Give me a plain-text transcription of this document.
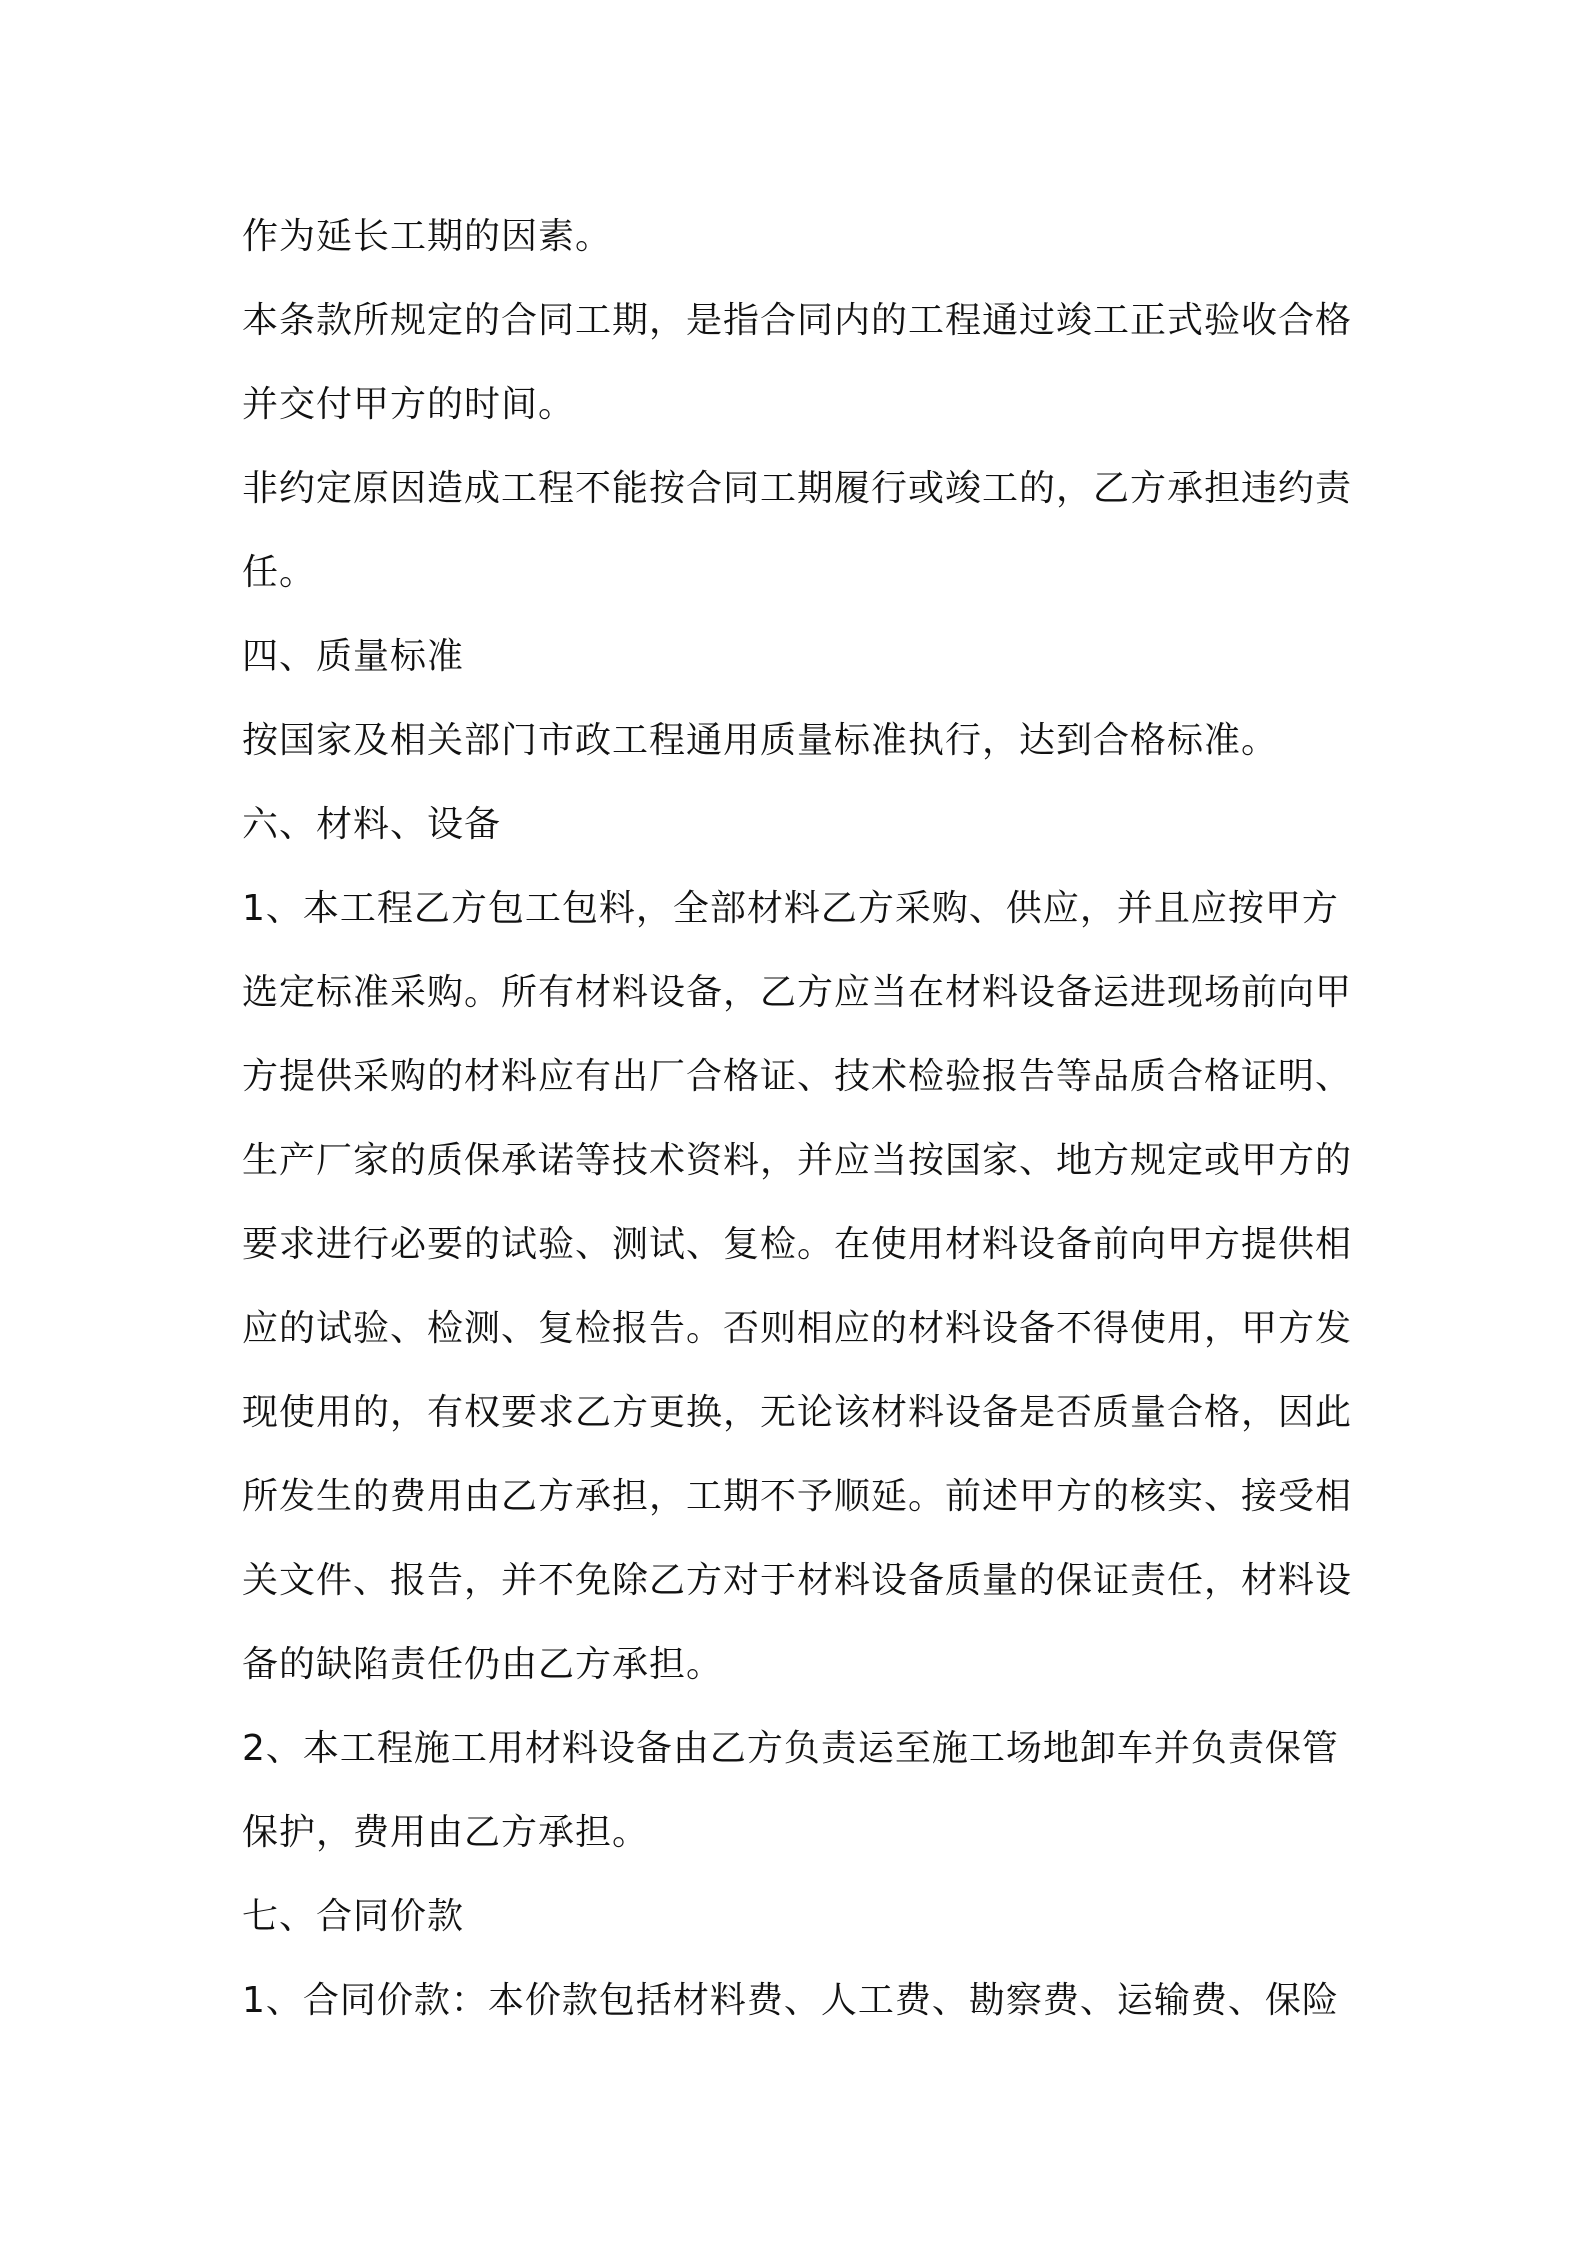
作为延长工期的因素。
本条款所规定的合同工期，是指合同内的工程通过竣工正式验收合格
并交付甲方的时间。
非约定原因造成工程不能按合同工期履行或竣工的，乙方承担违约责
任。
四、质量标准
按国家及相关部门市政工程通用质量标准执行，达到合格标准。
六、材料、设备
1、本工程乙方包工包料，全部材料乙方采购、供应，并且应按甲方
选定标准采购。所有材料设备，乙方应当在材料设备运进现场前向甲
方提供采购的材料应有出厂合格证、技术检验报告等品质合格证明、
生产厂家的质保承诺等技术资料，并应当按国家、地方规定或甲方的
要求进行必要的试验、测试、复检。在使用材料设备前向甲方提供相
应的试验、检测、复检报告。否则相应的材料设备不得使用，甲方发
现使用的，有权要求乙方更换，无论该材料设备是否质量合格，因此
所发生的费用由乙方承担，工期不予顺延。前述甲方的核实、接受相
关文件、报告，并不免除乙方对于材料设备质量的保证责任，材料设
备的缺陷责任仍由乙方承担。
2、本工程施工用材料设备由乙方负责运至施工场地卸车并负责保管
保护，费用由乙方承担。
七、合同价款
1、合同价款：本价款包括材料费、人工费、勘察费、运输费、保险
